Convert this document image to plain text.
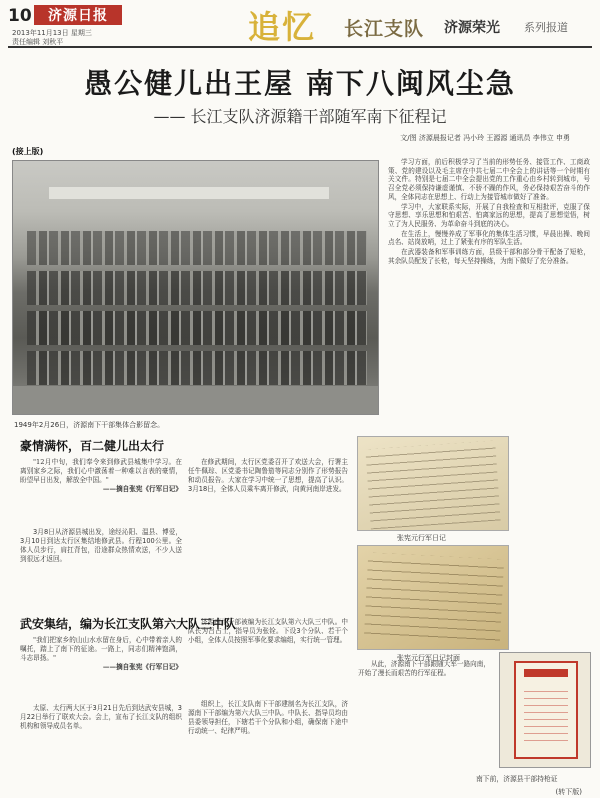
10	济源日报
2013年11月13日 星期三
责任编辑 刘秋平	追忆 长江支队 济源荣光 系列报道
愚公健儿出王屋 南下八闽风尘急
—— 长江支队济源籍干部随军南下征程记
文/图 济源晨报记者 冯小玲 王源源 通讯员 李伟立 申勇
(接上版)
1949年2月26日，济源南下干部集体合影留念。

学习方面，前后积极学习了当前的形势任务、接管工作、工商政策、党的建设以及毛主席在中共七届二中全会上的讲话等一个时期有关文件。特别是七届二中全会提出党的工作重心由乡村转到城市，号召全党必须保持谦虚谨慎、不骄不躁的作风，务必保持艰苦奋斗的作风，全体同志在思想上、行动上为接管城市做好了准备。

学习中，大家联系实际，开展了自我检查和互相批评，克服了保守思想、享乐思想和怕艰苦、怕离家远的思想，提高了思想觉悟，树立了为人民服务、为革命奋斗到底的决心。

在生活上，慢慢养成了军事化的集体生活习惯，早晨出操、晚间点名、站岗放哨，过上了紧张有序的军队生活。

在武器装备和军事训练方面，县级干部和部分骨干配备了短枪，其余队员配发了长枪，每天坚持操练，为南下做好了充分准备。

豪情满怀，百二健儿出太行
"12月中旬，我们奉令来到修武县城集中学习。在离别家乡之际，我们心中激荡着一种难以言表的豪情，盼望早日出发，解放全中国。"
——摘自张宪《行军日记》
3月8日从济源县城出发，途经沁阳、温县、博爱，3月10日到达太行区集结地修武县。行程100公里。全体人员步行，肩扛背包，沿途群众热情欢送，不少人送到很远才返回。
在修武期间，太行区党委召开了欢送大会，行署主任牛佩琮、区党委书记陶鲁笳等同志分别作了形势报告和动员报告。大家在学习中统一了思想，提高了认识。3月18日，全体人员乘车离开修武，向黄河南岸进发。
武安集结，编为长江支队第六大队三中队
"我们把家乡的山山水水留在身后，心中带着亲人的嘱托，踏上了南下的征途。一路上，同志们精神饱满，斗志昂扬。"
——摘自张宪《行军日记》
太原、太行两大区于3月21日先后到达武安县城，3月22日举行了联欢大会。会上，宣布了长江支队的组织机构和领导成员名单。
济源南下干部被编为长江支队第六大队三中队。中队长为吕占士，指导员为张铨。下设3个分队、若干个小组，全体人员按照军事化要求编组，实行统一管理。
组织上，长江支队南下干部建制名为长江支队，济源南下干部编为第六大队三中队。中队长、指导员均由县委领导担任，下辖若干个分队和小组，确保南下途中行动统一、纪律严明。
从此，济源南下干部跟随大军一路向南，开始了漫长而艰苦的行军征程。
张宪元行军日记
张宪元行军日记封面
南下前，济源县干部持枪证
(转下版)
